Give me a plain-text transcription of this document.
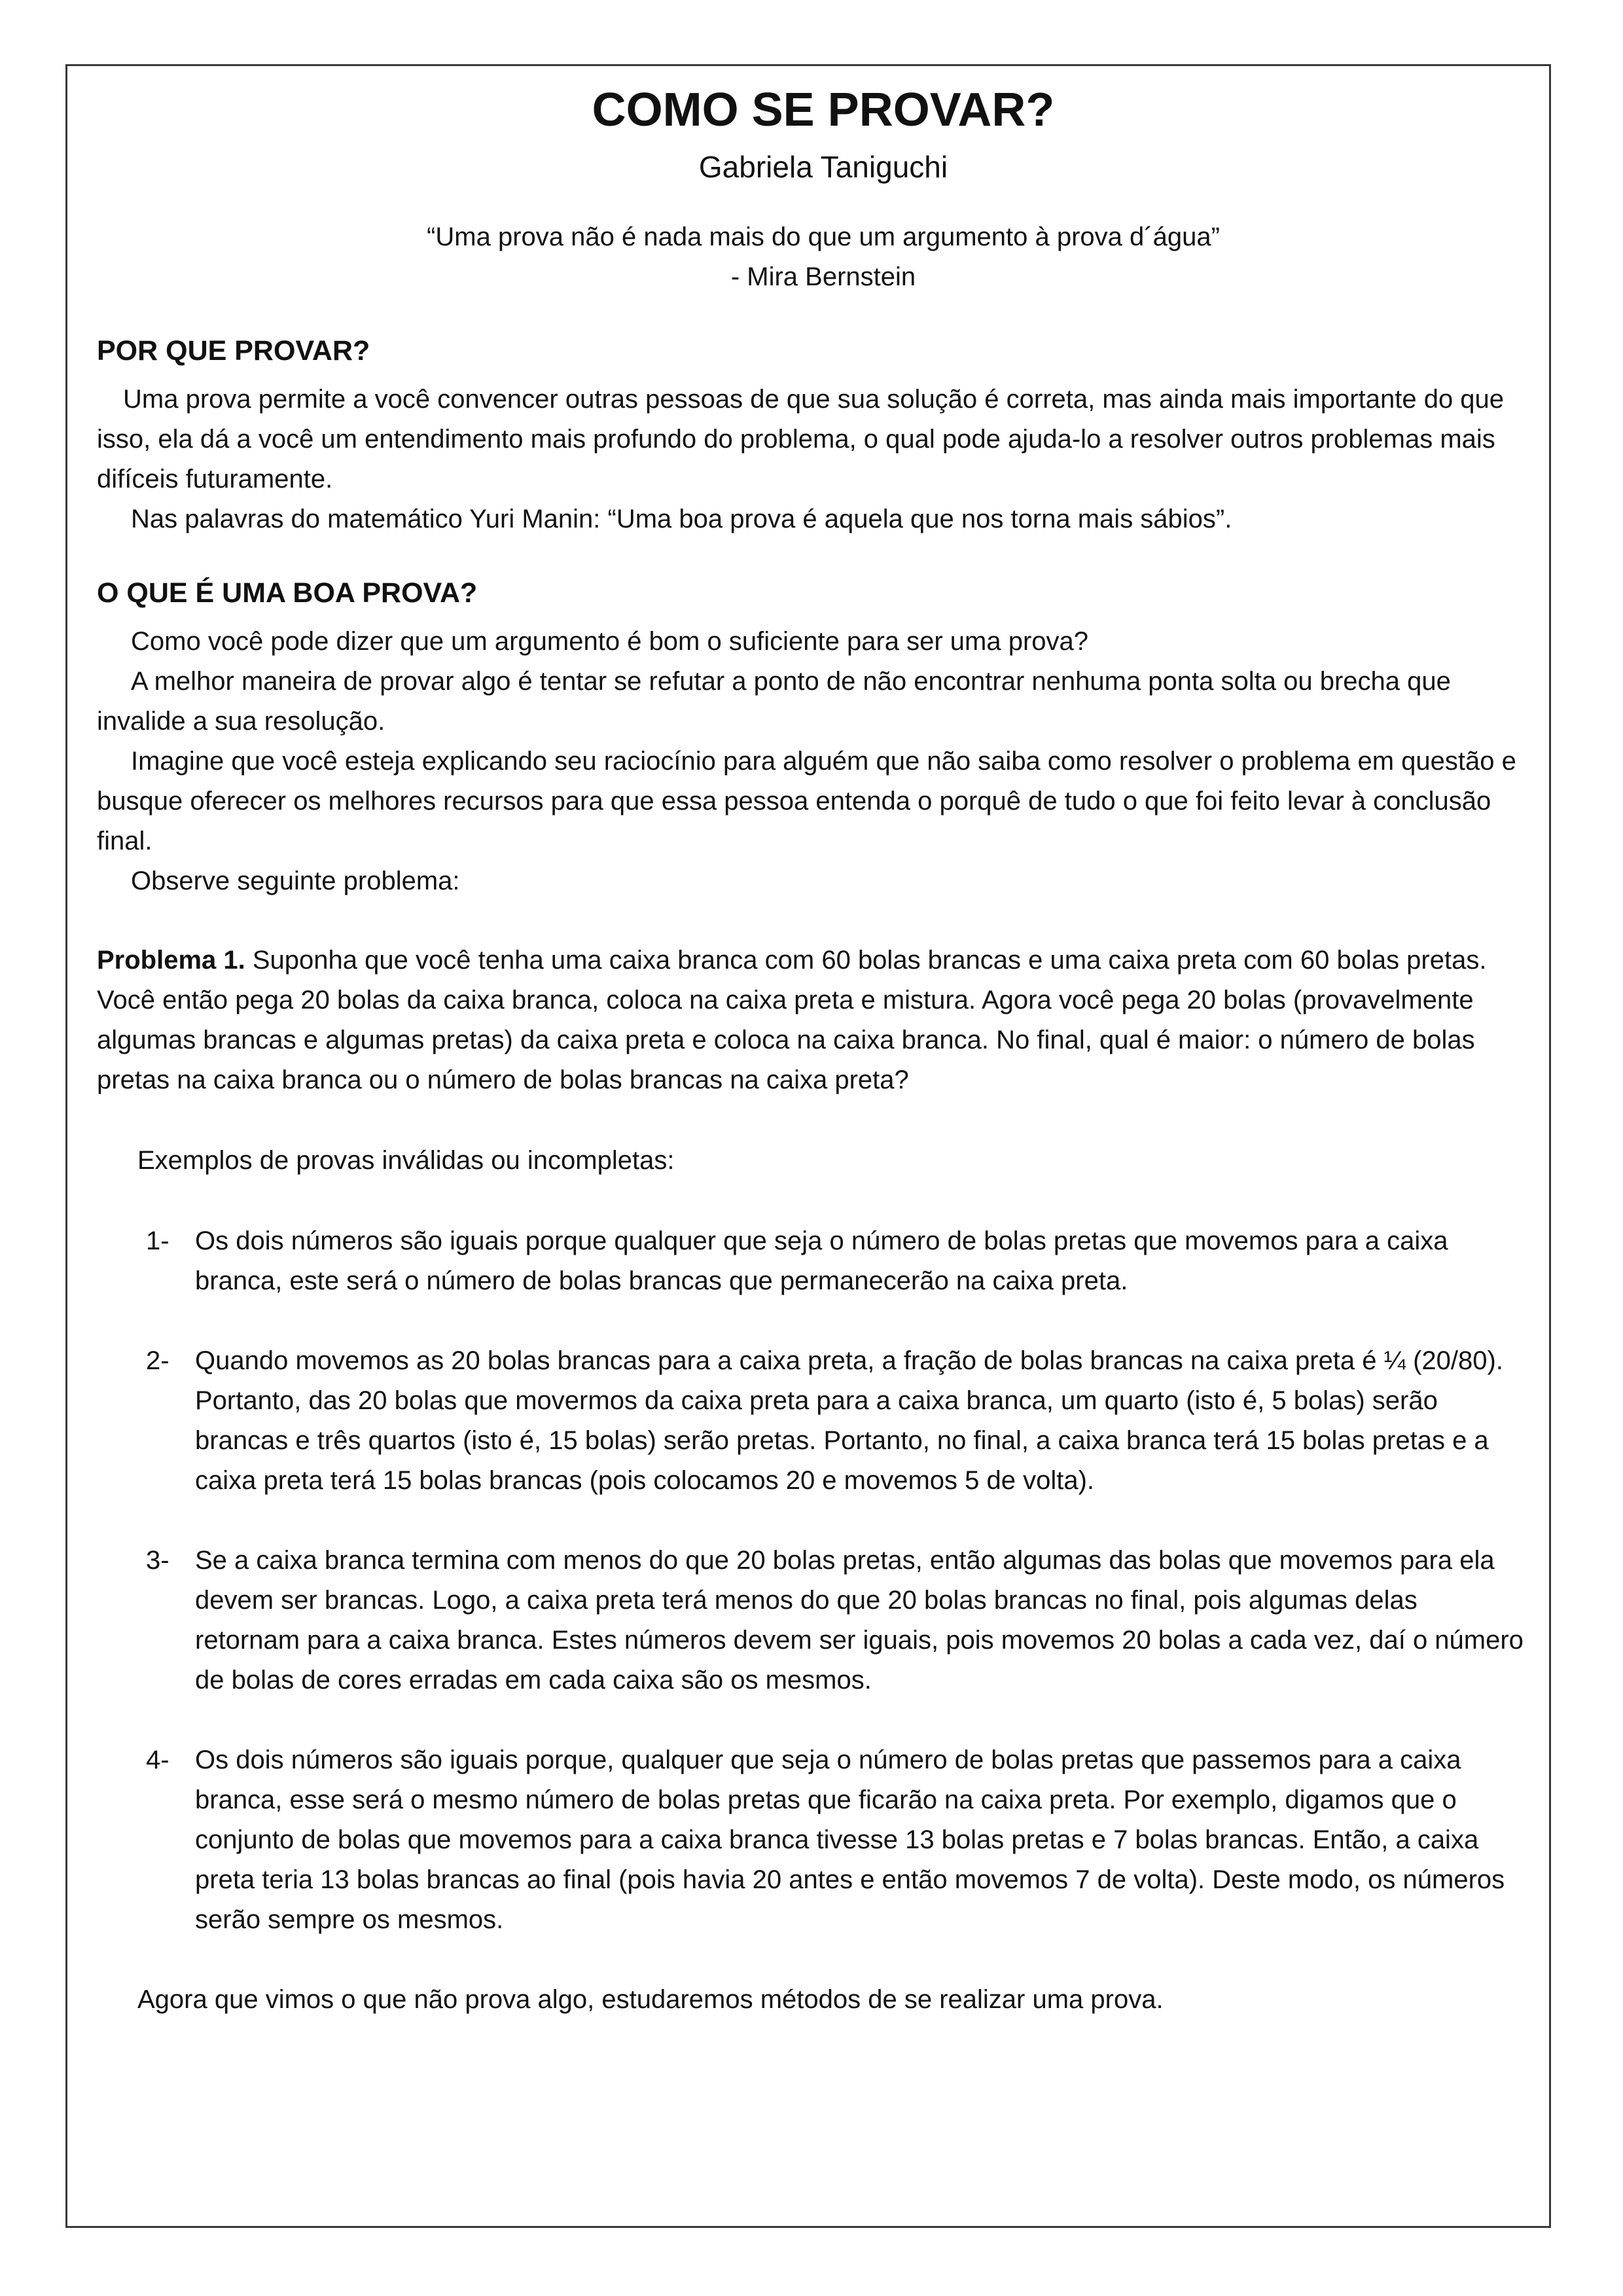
COMO SE PROVAR?

Gabriela Taniguchi

“Uma prova não é nada mais do que um argumento à prova d´água”

- Mira Bernstein

POR QUE PROVAR?

Uma prova permite a você convencer outras pessoas de que sua solução é correta, mas ainda mais importante do que isso, ela dá a você um entendimento mais profundo do problema, o qual pode ajuda-lo a resolver outros problemas mais difíceis futuramente.

Nas palavras do matemático Yuri Manin: “Uma boa prova é aquela que nos torna mais sábios”.

O QUE É UMA BOA PROVA?

Como você pode dizer que um argumento é bom o suficiente para ser uma prova?

A melhor maneira de provar algo é tentar se refutar a ponto de não encontrar nenhuma ponta solta ou brecha que invalide a sua resolução.

Imagine que você esteja explicando seu raciocínio para alguém que não saiba como resolver o problema em questão e busque oferecer os melhores recursos para que essa pessoa entenda o porquê de tudo o que foi feito levar à conclusão final.

Observe seguinte problema:

Problema 1. Suponha que você tenha uma caixa branca com 60 bolas brancas e uma caixa preta com 60 bolas pretas. Você então pega 20 bolas da caixa branca, coloca na caixa preta e mistura. Agora você pega 20 bolas (provavelmente algumas brancas e algumas pretas) da caixa preta e coloca na caixa branca. No final, qual é maior: o número de bolas pretas na caixa branca ou o número de bolas brancas na caixa preta?

Exemplos de provas inválidas ou incompletas:

1- Os dois números são iguais porque qualquer que seja o número de bolas pretas que movemos para a caixa branca, este será o número de bolas brancas que permanecerão na caixa preta.
2- Quando movemos as 20 bolas brancas para a caixa preta, a fração de bolas brancas na caixa preta é ¼ (20/80). Portanto, das 20 bolas que movermos da caixa preta para a caixa branca, um quarto (isto é, 5 bolas) serão brancas e três quartos (isto é, 15 bolas) serão pretas. Portanto, no final, a caixa branca terá 15 bolas pretas e a caixa preta terá 15 bolas brancas (pois colocamos 20 e movemos 5 de volta).
3- Se a caixa branca termina com menos do que 20 bolas pretas, então algumas das bolas que movemos para ela devem ser brancas. Logo, a caixa preta terá menos do que 20 bolas brancas no final, pois algumas delas retornam para a caixa branca. Estes números devem ser iguais, pois movemos 20 bolas a cada vez, daí o número de bolas de cores erradas em cada caixa são os mesmos.
4- Os dois números são iguais porque, qualquer que seja o número de bolas pretas que passemos para a caixa branca, esse será o mesmo número de bolas pretas que ficarão na caixa preta. Por exemplo, digamos que o conjunto de bolas que movemos para a caixa branca tivesse 13 bolas pretas e 7 bolas brancas. Então, a caixa preta teria 13 bolas brancas ao final (pois havia 20 antes e então movemos 7 de volta). Deste modo, os números serão sempre os mesmos.

Agora que vimos o que não prova algo, estudaremos métodos de se realizar uma prova.
